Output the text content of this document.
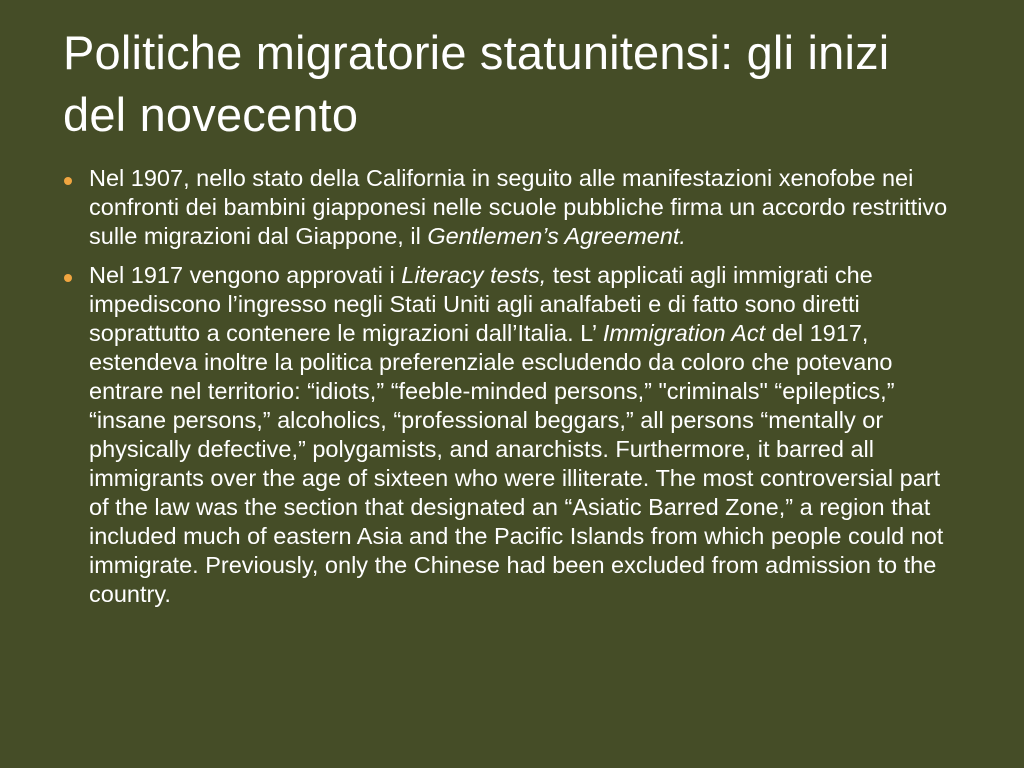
Politiche migratorie statunitensi: gli inizi del novecento
Nel 1907, nello stato della California in seguito alle manifestazioni xenofobe nei confronti dei bambini giapponesi nelle scuole pubbliche firma un accordo restrittivo sulle migrazioni dal Giappone, il Gentlemen’s Agreement.
Nel 1917 vengono approvati i Literacy tests, test applicati agli immigrati che impediscono l’ingresso negli Stati Uniti agli analfabeti e di fatto sono diretti soprattutto a contenere le migrazioni dall’Italia. L’ Immigration Act del 1917, estendeva inoltre la politica preferenziale escludendo da coloro che potevano entrare nel territorio: “idiots,” “feeble-minded persons,” "criminals" “epileptics,” “insane persons,” alcoholics, “professional beggars,” all persons “mentally or physically defective,” polygamists, and anarchists. Furthermore, it barred all immigrants over the age of sixteen who were illiterate. The most controversial part of the law was the section that designated an “Asiatic Barred Zone,” a region that included much of eastern Asia and the Pacific Islands from which people could not immigrate. Previously, only the Chinese had been excluded from admission to the country.
